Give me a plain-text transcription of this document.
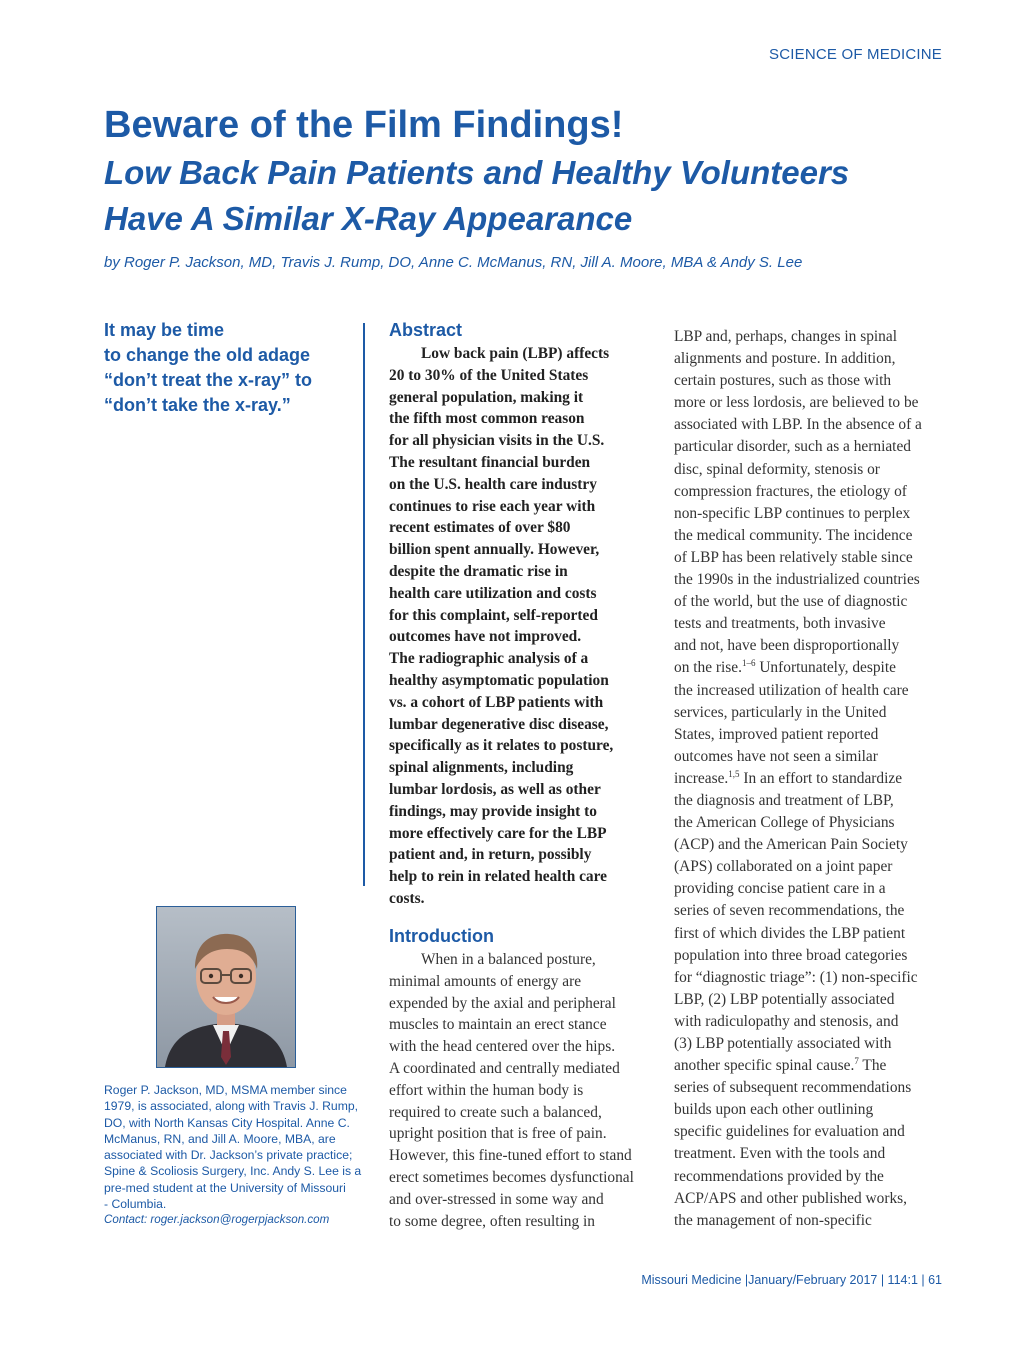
SCIENCE OF MEDICINE
Beware of the Film Findings!
Low Back Pain Patients and Healthy Volunteers
Have A Similar X-Ray Appearance
by Roger P. Jackson, MD, Travis J. Rump, DO, Anne C. McManus, RN, Jill A. Moore, MBA & Andy S. Lee
It may be time
to change the old adage
“don’t treat the x-ray” to
“don’t take the x-ray.”
Roger P. Jackson, MD, MSMA member since
1979, is associated, along with Travis J. Rump,
DO, with North Kansas City Hospital. Anne C.
McManus, RN, and Jill A. Moore, MBA, are
associated with Dr. Jackson’s private practice;
Spine & Scoliosis Surgery, Inc. Andy S. Lee is a
pre-med student at the University of Missouri
- Columbia.
Contact: roger.jackson@rogerpjackson.com
Abstract
Low back pain (LBP) affects
20 to 30% of the United States
general population, making it
the fifth most common reason
for all physician visits in the U.S.
The resultant financial burden
on the U.S. health care industry
continues to rise each year with
recent estimates of over $80
billion spent annually. However,
despite the dramatic rise in
health care utilization and costs
for this complaint, self-reported
outcomes have not improved.
The radiographic analysis of a
healthy asymptomatic population
vs. a cohort of LBP patients with
lumbar degenerative disc disease,
specifically as it relates to posture,
spinal alignments, including
lumbar lordosis, as well as other
findings, may provide insight to
more effectively care for the LBP
patient and, in return, possibly
help to rein in related health care
costs.
Introduction
When in a balanced posture,
minimal amounts of energy are
expended by the axial and peripheral
muscles to maintain an erect stance
with the head centered over the hips.
A coordinated and centrally mediated
effort within the human body is
required to create such a balanced,
upright position that is free of pain.
However, this fine-tuned effort to stand
erect sometimes becomes dysfunctional
and over-stressed in some way and
to some degree, often resulting in
LBP and, perhaps, changes in spinal
alignments and posture. In addition,
certain postures, such as those with
more or less lordosis, are believed to be
associated with LBP. In the absence of a
particular disorder, such as a herniated
disc, spinal deformity, stenosis or
compression fractures, the etiology of
non-specific LBP continues to perplex
the medical community. The incidence
of LBP has been relatively stable since
the 1990s in the industrialized countries
of the world, but the use of diagnostic
tests and treatments, both invasive
and not, have been disproportionally
on the rise.$^{1-6}$ Unfortunately, despite
the increased utilization of health care
services, particularly in the United
States, improved patient reported
outcomes have not seen a similar
increase.$^{1,5}$ In an effort to standardize
the diagnosis and treatment of LBP,
the American College of Physicians
(ACP) and the American Pain Society
(APS) collaborated on a joint paper
providing concise patient care in a
series of seven recommendations, the
first of which divides the LBP patient
population into three broad categories
for “diagnostic triage”: (1) non-specific
LBP, (2) LBP potentially associated
with radiculopathy and stenosis, and
(3) LBP potentially associated with
another specific spinal cause.$^7$ The
series of subsequent recommendations
builds upon each other outlining
specific guidelines for evaluation and
treatment. Even with the tools and
recommendations provided by the
ACP/APS and other published works,
the management of non-specific
Missouri Medicine |January/February 2017 | 114:1 | 61
